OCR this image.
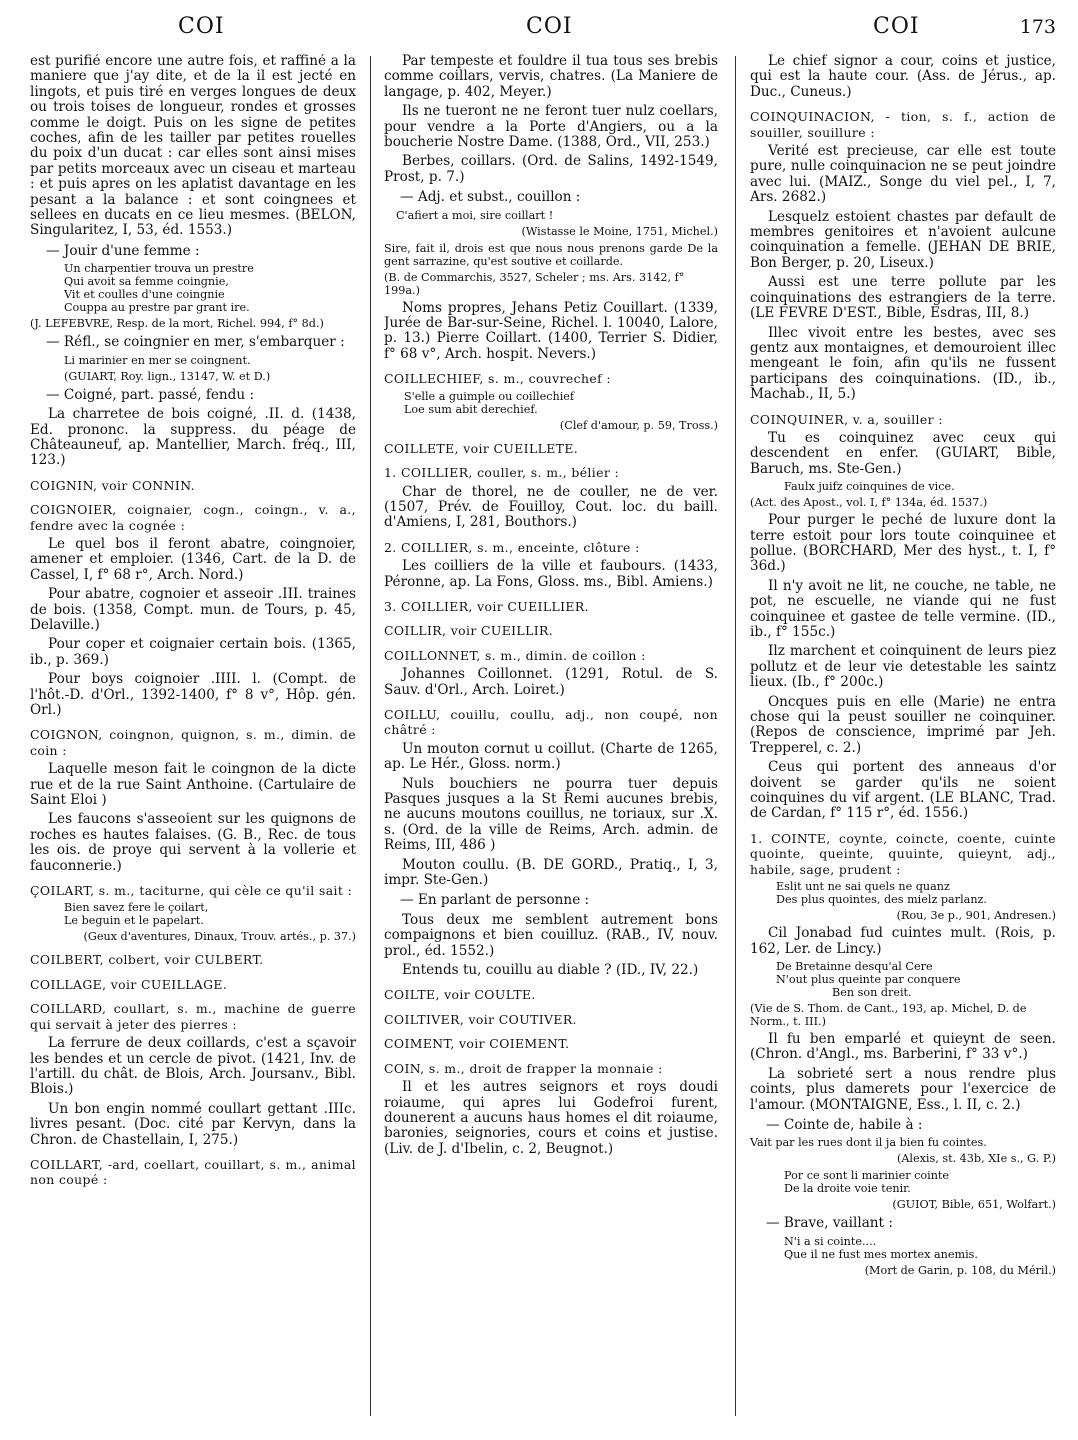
COI	COI	COI	173

est purifié encore une autre fois, et raffiné a la maniere que j'ay dite, et de la il est jecté en lingots, et puis tiré en verges longues de deux ou trois toises de longueur, rondes et grosses comme le doigt. Puis on les signe de petites coches, afin de les tailler par petites rouelles du poix d'un ducat : car elles sont ainsi mises par petits morceaux avec un ciseau et marteau : et puis apres on les aplatist davantage en les pesant a la balance : et sont coingnees et sellees en ducats en ce lieu mesmes. (BELON, Singularitez, I, 53, éd. 1553.)

— Jouir d'une femme :

Un charpentier trouva un prestre
Qui avoit sa femme coingnie,
Vit et coulles d'une coingnie
Couppa au prestre par grant ire.

(J. LEFEBVRE, Resp. de la mort, Richel. 994, f° 8d.)

— Réfl., se coingnier en mer, s'embarquer :

Li marinier en mer se coingnent.

(GUIART, Roy. lign., 13147, W. et D.)

— Coigné, part. passé, fendu :

La charretee de bois coigné, .II. d. (1438, Ed. prononc. la suppress. du péage de Châteauneuf, ap. Mantellier, March. fréq., III, 123.)

COIGNIN, voir CONNIN.

COIGNOIER, coignaier, cogn., coingn., v. a., fendre avec la cognée :

Le quel bos il feront abatre, coingnoier, amener et emploier. (1346, Cart. de la D. de Cassel, I, f° 68 r°, Arch. Nord.)

Pour abatre, cognoier et asseoir .III. traines de bois. (1358, Compt. mun. de Tours, p. 45, Delaville.)

Pour coper et coignaier certain bois. (1365, ib., p. 369.)

Pour boys coignoier .IIII. l. (Compt. de l'hôt.-D. d'Orl., 1392-1400, f° 8 v°, Hôp. gén. Orl.)

COIGNON, coingnon, quignon, s. m., dimin. de coin :

Laquelle meson fait le coingnon de la dicte rue et de la rue Saint Anthoine. (Cartulaire de Saint Eloi )

Les faucons s'asseoient sur les quignons de roches es hautes falaises. (G. B., Rec. de tous les ois. de proye qui servent à la vollerie et fauconnerie.)

ÇOILART, s. m., taciturne, qui cèle ce qu'il sait :

Bien savez fere le çoilart,
Le beguin et le papelart.

(Geux d'aventures, Dinaux, Trouv. artés., p. 37.)

COILBERT, colbert, voir CULBERT.

COILLAGE, voir CUEILLAGE.

COILLARD, coullart, s. m., machine de guerre qui servait à jeter des pierres :

La ferrure de deux coillards, c'est a sçavoir les bendes et un cercle de pivot. (1421, Inv. de l'artill. du chât. de Blois, Arch. Joursanv., Bibl. Blois.)

Un bon engin nommé coullart gettant .IIIc. livres pesant. (Doc. cité par Kervyn, dans la Chron. de Chastellain, I, 275.)

COILLART, -ard, coellart, couillart, s. m., animal non coupé :

Par tempeste et fouldre il tua tous ses brebis comme coillars, vervis, chatres. (La Maniere de langage, p. 402, Meyer.)

Ils ne tueront ne ne feront tuer nulz coellars, pour vendre a la Porte d'Angiers, ou a la boucherie Nostre Dame. (1388, Ord., VII, 253.)

Berbes, coillars. (Ord. de Salins, 1492-1549, Prost, p. 7.)

— Adj. et subst., couillon :

C'afiert a moi, sire coillart !

(Wistasse le Moine, 1751, Michel.)

Sire, fait il, drois est que nous nous prenons garde De la gent sarrazine, qu'est soutive et coillarde.

(B. de Commarchis, 3527, Scheler ; ms. Ars. 3142, f° 199a.)

Noms propres, Jehans Petiz Couillart. (1339, Jurée de Bar-sur-Seine, Richel. l. 10040, Lalore, p. 13.) Pierre Coillart. (1400, Terrier S. Didier, f° 68 v°, Arch. hospit. Nevers.)

COILLECHIEF, s. m., couvrechef :

S'elle a guimple ou coillechief
Loe sum abit derechief.

(Clef d'amour, p. 59, Tross.)

COILLETE, voir CUEILLETE.

1. COILLIER, couller, s. m., bélier :

Char de thorel, ne de couller, ne de ver. (1507, Prév. de Fouilloy, Cout. loc. du baill. d'Amiens, I, 281, Bouthors.)

2. COILLIER, s. m., enceinte, clôture :

Les coilliers de la ville et faubours. (1433, Péronne, ap. La Fons, Gloss. ms., Bibl. Amiens.)

3. COILLIER, voir CUEILLIER.

COILLIR, voir CUEILLIR.

COILLONNET, s. m., dimin. de coillon :

Johannes Coillonnet. (1291, Rotul. de S. Sauv. d'Orl., Arch. Loiret.)

COILLU, couillu, coullu, adj., non coupé, non châtré :

Un mouton cornut u coillut. (Charte de 1265, ap. Le Hér., Gloss. norm.)

Nuls bouchiers ne pourra tuer depuis Pasques jusques a la St Remi aucunes brebis, ne aucuns moutons couillus, ne toriaux, sur .X. s. (Ord. de la ville de Reims, Arch. admin. de Reims, III, 486 )

Mouton coullu. (B. DE GORD., Pratiq., I, 3, impr. Ste-Gen.)

— En parlant de personne :

Tous deux me semblent autrement bons compaignons et bien couilluz. (RAB., IV, nouv. prol., éd. 1552.)

Entends tu, couillu au diable ? (ID., IV, 22.)

COILTE, voir COULTE.

COILTIVER, voir COUTIVER.

COIMENT, voir COIEMENT.

COIN, s. m., droit de frapper la monnaie :

Il et les autres seignors et roys doudi roiaume, qui apres lui Godefroi furent, dounerent a aucuns haus homes el dit roiaume, baronies, seignories, cours et coins et justise. (Liv. de J. d'Ibelin, c. 2, Beugnot.)

Le chief signor a cour, coins et justice, qui est la haute cour. (Ass. de Jérus., ap. Duc., Cuneus.)

COINQUINACION, - tion, s. f., action de souiller, souillure :

Verité est precieuse, car elle est toute pure, nulle coinquinacion ne se peut joindre avec lui. (MAIZ., Songe du viel pel., I, 7, Ars. 2682.)

Lesquelz estoient chastes par default de membres genitoires et n'avoient aulcune coinquination a femelle. (JEHAN DE BRIE, Bon Berger, p. 20, Liseux.)

Aussi est une terre pollute par les coinquinations des estrangiers de la terre. (LE FEVRE D'EST., Bible, Esdras, III, 8.)

Illec vivoit entre les bestes, avec ses gentz aux montaignes, et demouroient illec mengeant le foin, afin qu'ils ne fussent participans des coinquinations. (ID., ib., Machab., II, 5.)

COINQUINER, v. a, souiller :

Tu es coinquinez avec ceux qui descendent en enfer. (GUIART, Bible, Baruch, ms. Ste-Gen.)

Faulx juifz coinquines de vice.

(Act. des Apost., vol. I, f° 134a, éd. 1537.)

Pour purger le peché de luxure dont la terre estoit pour lors toute coinquinee et pollue. (BORCHARD, Mer des hyst., t. I, f° 36d.)

Il n'y avoit ne lit, ne couche, ne table, ne pot, ne escuelle, ne viande qui ne fust coinquinee et gastee de telle vermine. (ID., ib., f° 155c.)

Ilz marchent et coinquinent de leurs piez pollutz et de leur vie detestable les saintz lieux. (Ib., f° 200c.)

Oncques puis en elle (Marie) ne entra chose qui la peust souiller ne coinquiner. (Repos de conscience, imprimé par Jeh. Trepperel, c. 2.)

Ceus qui portent des anneaus d'or doivent se garder qu'ils ne soient coinquines du vif argent. (LE BLANC, Trad. de Cardan, f° 115 r°, éd. 1556.)

1. COINTE, coynte, coincte, coente, cuinte quointe, queinte, quuinte, quieynt, adj., habile, sage, prudent :

Eslit unt ne sai quels ne quanz
Des plus quointes, des mielz parlanz.

(Rou, 3e p., 901, Andresen.)

Cil Jonabad fud cuintes mult. (Rois, p. 162, Ler. de Lincy.)

De Bretainne desqu'al Cere
N'out plus queinte par conquere
Ben son dreit.

(Vie de S. Thom. de Cant., 193, ap. Michel, D. de Norm., t. III.)

Il fu ben emparlé et quieynt de seen. (Chron. d'Angl., ms. Barberini, f° 33 v°.)

La sobrieté sert a nous rendre plus coints, plus damerets pour l'exercice de l'amour. (MONTAIGNE, Ess., l. II, c. 2.)

— Cointe de, habile à :

Vait par les rues dont il ja bien fu cointes.

(Alexis, st. 43b, XIe s., G. P.)

Por ce sont li marinier cointe
De la droite voie tenir.

(GUIOT, Bible, 651, Wolfart.)

— Brave, vaillant :

N'i a si cointe....
Que il ne fust mes mortex anemis.

(Mort de Garin, p. 108, du Méril.)
